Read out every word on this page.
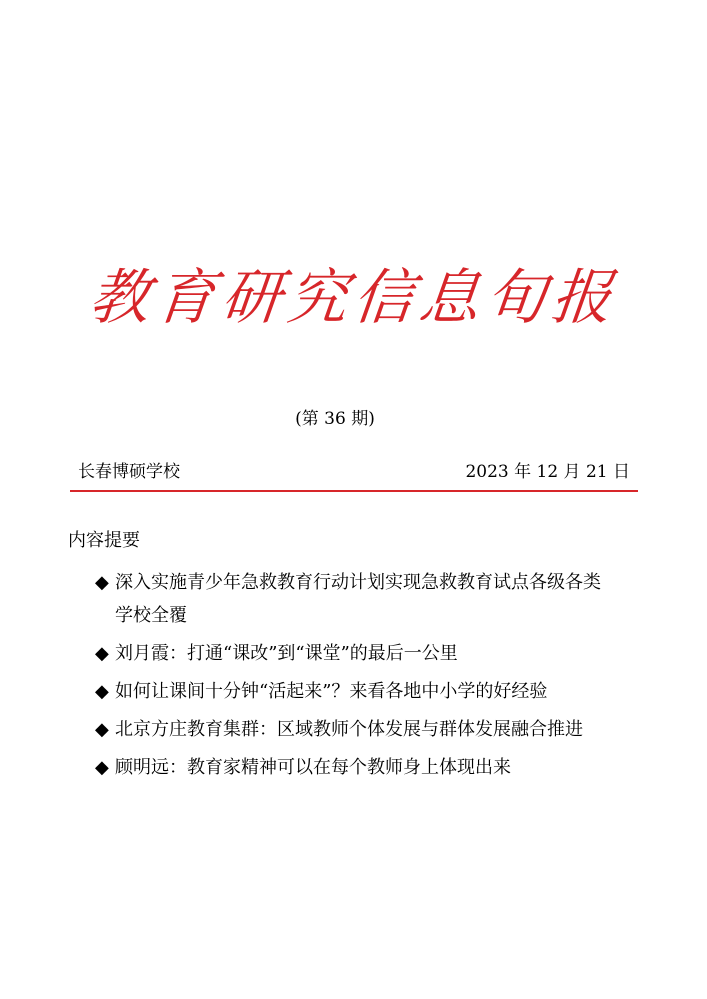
教育研究信息旬报
(第 36 期)
长春博硕学校	2023 年 12 月 21 日
内容提要
◆ 深入实施青少年急救教育行动计划实现急救教育试点各级各类
学校全覆
◆ 刘月霞：打通“课改”到“课堂”的最后一公里
◆ 如何让课间十分钟“活起来”？来看各地中小学的好经验
◆ 北京方庄教育集群：区域教师个体发展与群体发展融合推进
◆ 顾明远：教育家精神可以在每个教师身上体现出来
